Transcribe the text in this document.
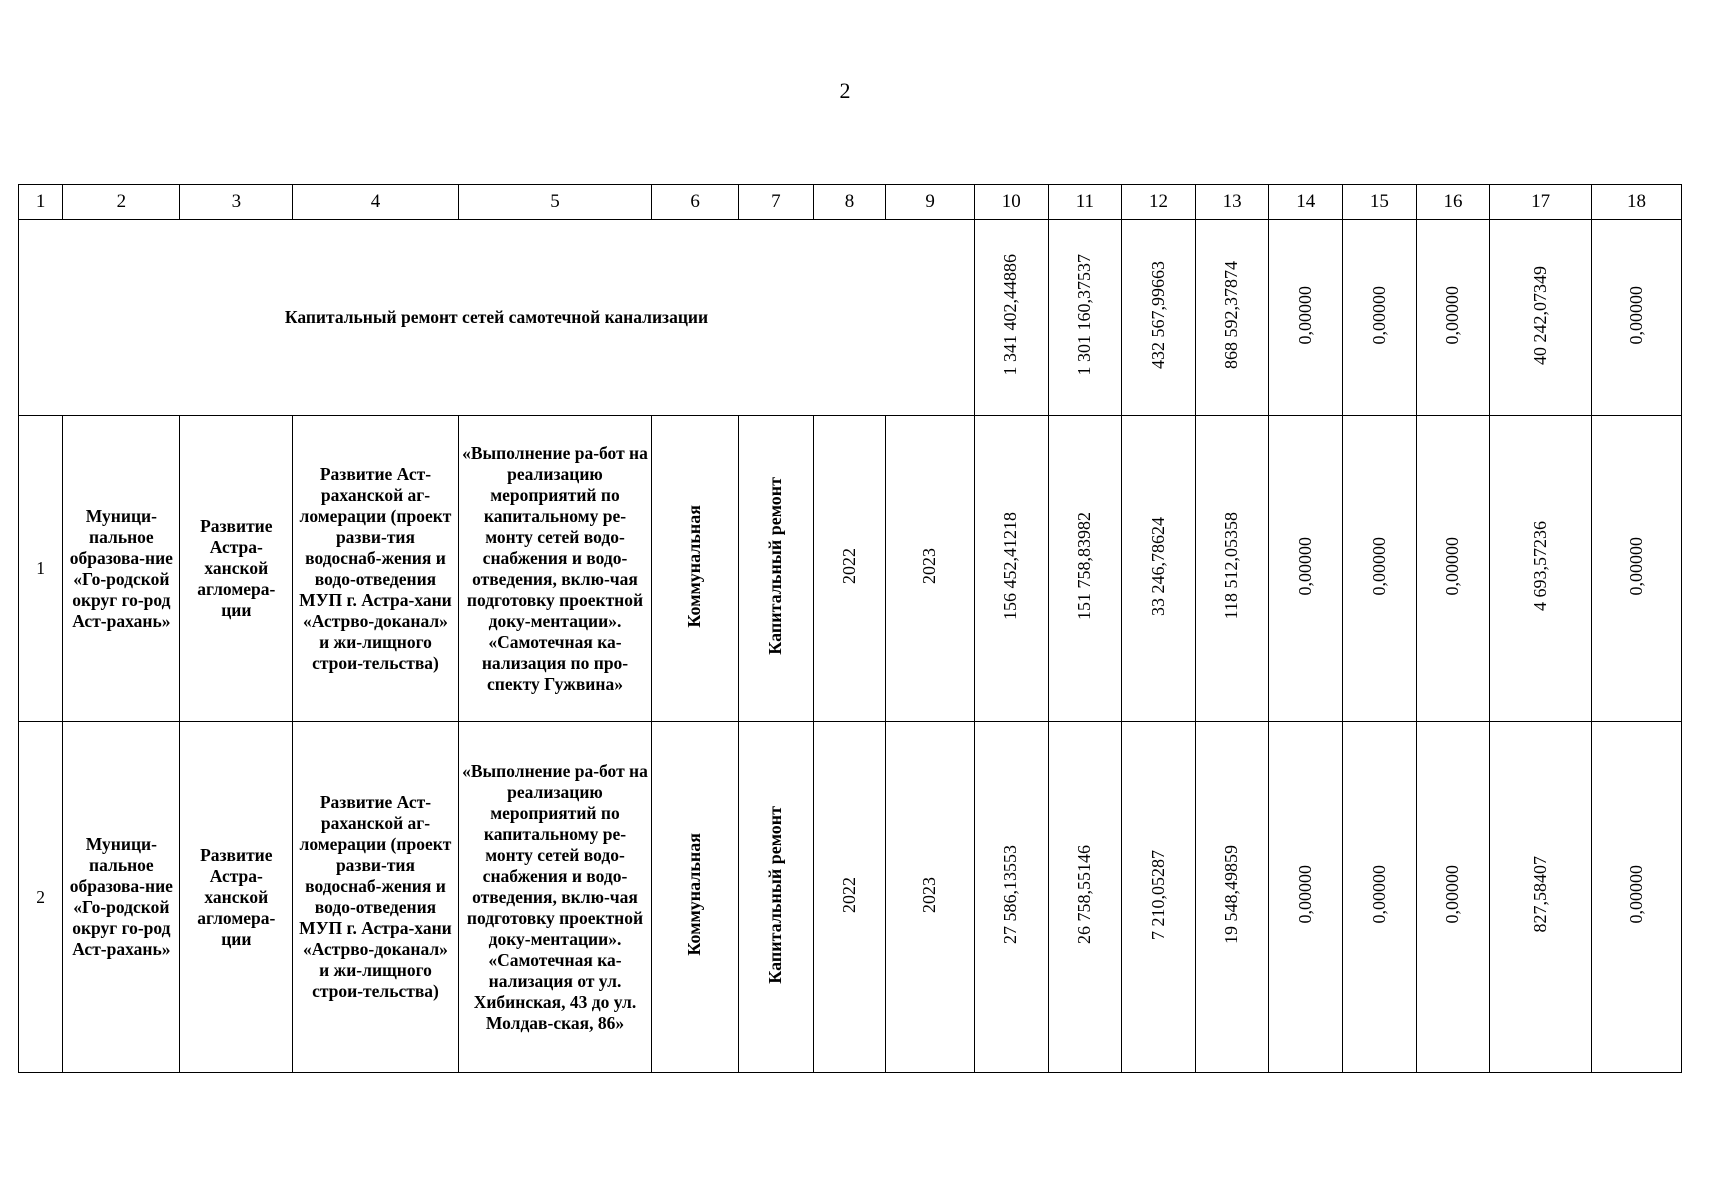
2
1	2	3	4	5	6	7	8	9	10	11	12	13	14	15	16	17	18
Капитальный ремонт сетей самотечной канализации									1 341 402,44886	1 301 160,37537	432 567,99663	868 592,37874	0,00000	0,00000	0,00000	40 242,07349	0,00000
1	Муници-пальное образова-ние «Го-родской округ го-род Аст-рахань»	Развитие Астра-ханской агломера-ции	Развитие Аст-раханской аг-ломерации (проект разви-тия водоснаб-жения и водо-отведения МУП г. Астра-хани «Астрво-доканал» и жи-лищного строи-тельства)	«Выполнение ра-бот на реализацию мероприятий по капитальному ре-монту сетей водо-снабжения и водо-отведения, вклю-чая подготовку проектной доку-ментации». «Самотечная ка-нализация по про-спекту Гужвина»	Коммунальная	Капитальный ремонт	2022	2023	156 452,41218	151 758,83982	33 246,78624	118 512,05358	0,00000	0,00000	0,00000	4 693,57236	0,00000
2	Муници-пальное образова-ние «Го-родской округ го-род Аст-рахань»	Развитие Астра-ханской агломера-ции	Развитие Аст-раханской аг-ломерации (проект разви-тия водоснаб-жения и водо-отведения МУП г. Астра-хани «Астрво-доканал» и жи-лищного строи-тельства)	«Выполнение ра-бот на реализацию мероприятий по капитальному ре-монту сетей водо-снабжения и водо-отведения, вклю-чая подготовку проектной доку-ментации». «Самотечная ка-нализация от ул. Хибинская, 43 до ул. Молдав-ская, 86»	Коммунальная	Капитальный ремонт	2022	2023	27 586,13553	26 758,55146	7 210,05287	19 548,49859	0,00000	0,00000	0,00000	827,58407	0,00000
